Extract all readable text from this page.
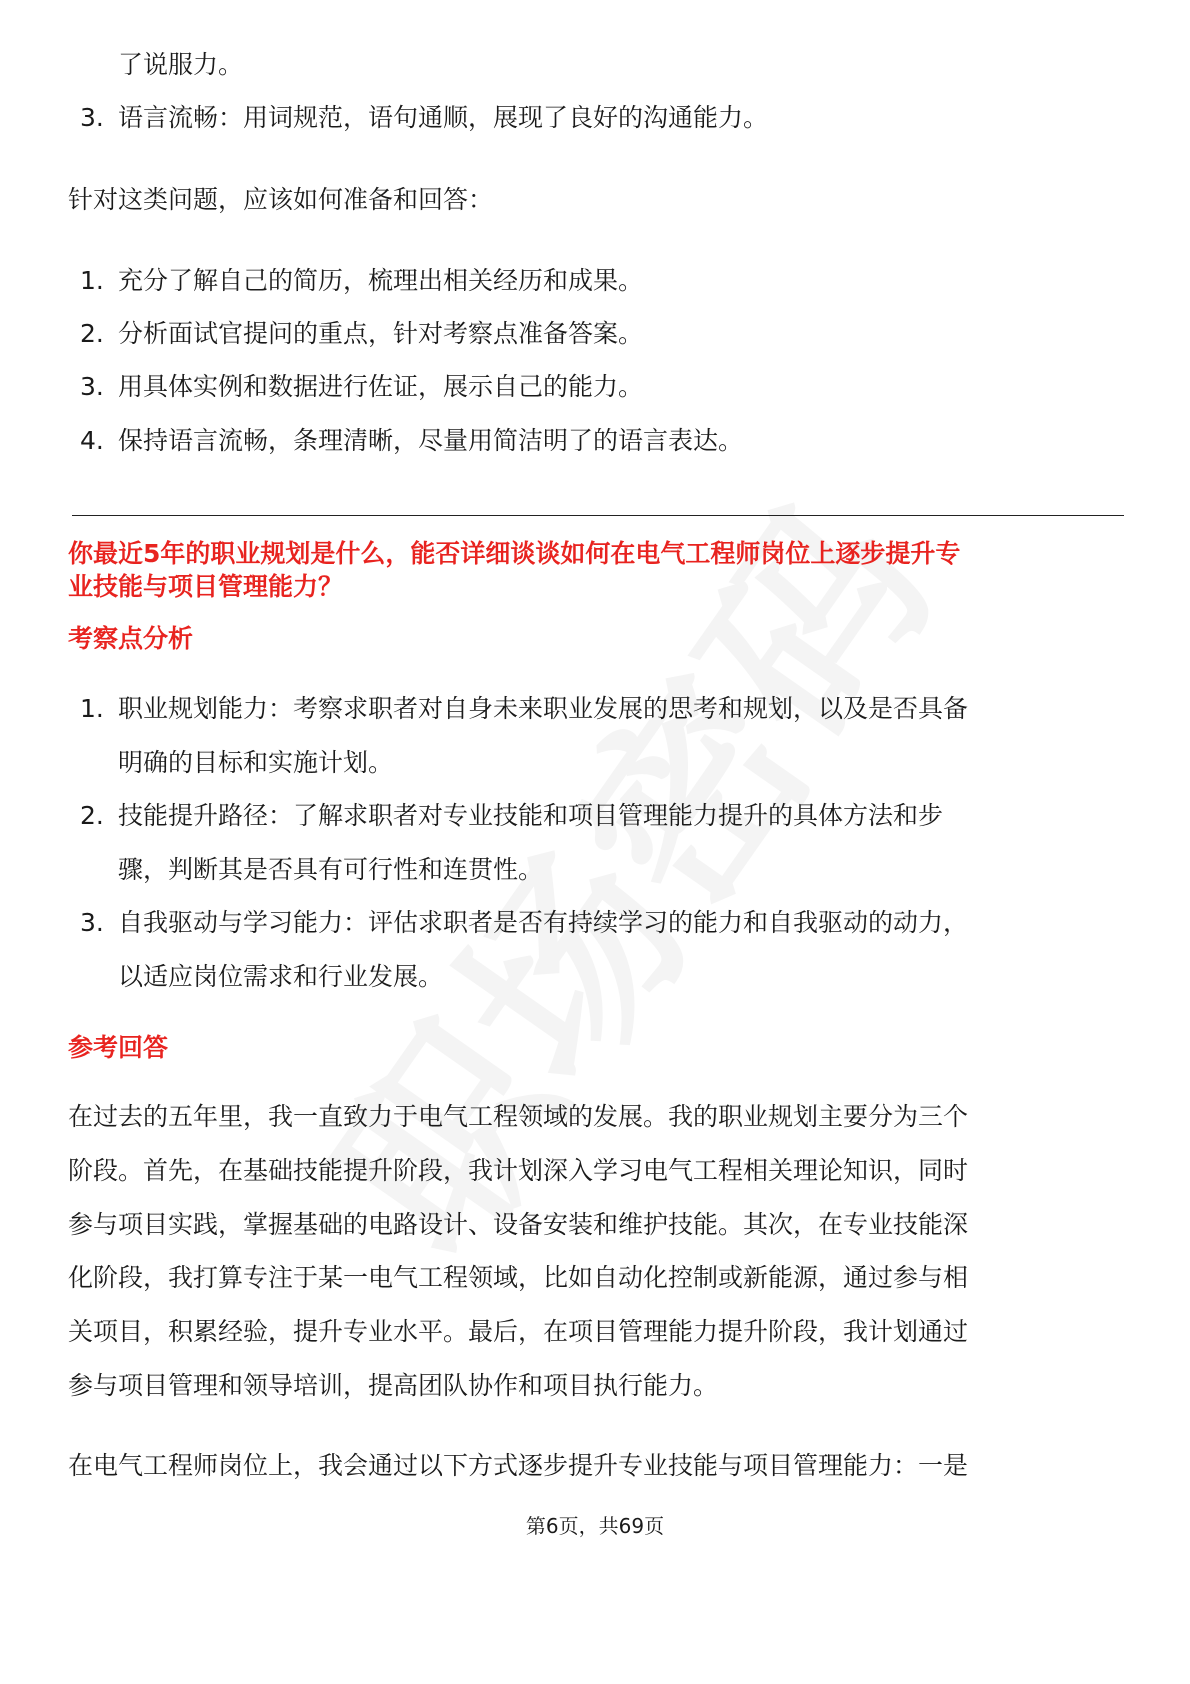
了说服力。
3. 语言流畅：用词规范，语句通顺，展现了良好的沟通能力。
针对这类问题，应该如何准备和回答：
1. 充分了解自己的简历，梳理出相关经历和成果。
2. 分析面试官提问的重点，针对考察点准备答案。
3. 用具体实例和数据进行佐证，展示自己的能力。
4. 保持语言流畅，条理清晰，尽量用简洁明了的语言表达。
你最近5年的职业规划是什么，能否详细谈谈如何在电气工程师岗位上逐步提升专
业技能与项目管理能力？
考察点分析
1. 职业规划能力：考察求职者对自身未来职业发展的思考和规划，以及是否具备
明确的目标和实施计划。
2. 技能提升路径：了解求职者对专业技能和项目管理能力提升的具体方法和步
骤，判断其是否具有可行性和连贯性。
3. 自我驱动与学习能力：评估求职者是否有持续学习的能力和自我驱动的动力，
以适应岗位需求和行业发展。
参考回答
在过去的五年里，我一直致力于电气工程领域的发展。我的职业规划主要分为三个
阶段。首先，在基础技能提升阶段，我计划深入学习电气工程相关理论知识，同时
参与项目实践，掌握基础的电路设计、设备安装和维护技能。其次，在专业技能深
化阶段，我打算专注于某一电气工程领域，比如自动化控制或新能源，通过参与相
关项目，积累经验，提升专业水平。最后，在项目管理能力提升阶段，我计划通过
参与项目管理和领导培训，提高团队协作和项目执行能力。
在电气工程师岗位上，我会通过以下方式逐步提升专业技能与项目管理能力：一是
第6页，共69页
